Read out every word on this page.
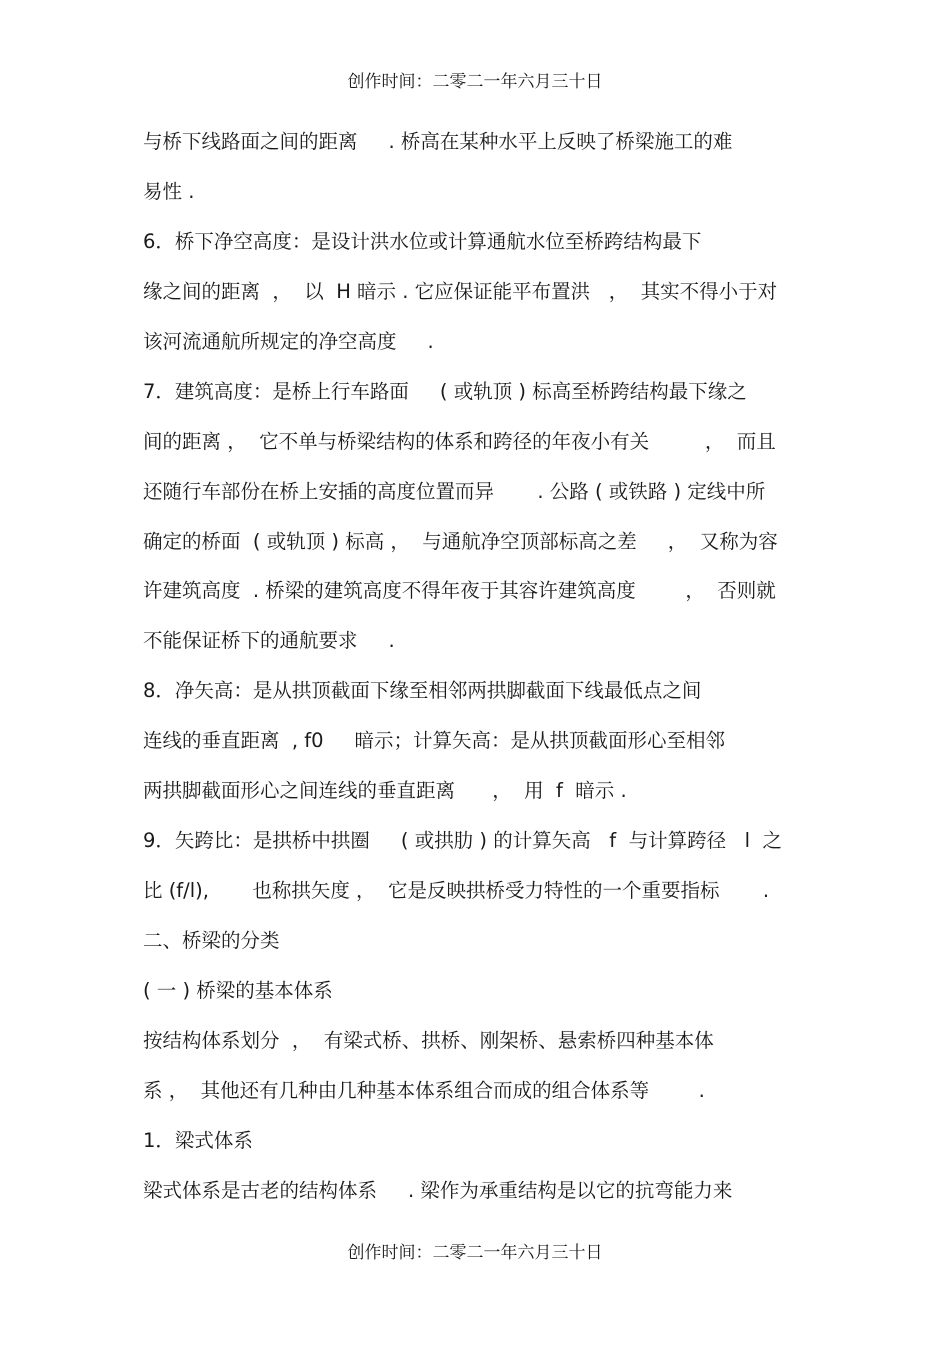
创作时间：二零二一年六月三十日
与桥下线路面之间的距离     . 桥高在某种水平上反映了桥梁施工的难
易性 .
6．桥下净空高度：是设计洪水位或计算通航水位至桥跨结构最下
缘之间的距离  ，  以  H 暗示 . 它应保证能平布置洪   ，  其实不得小于对
该河流通航所规定的净空高度     .
7．建筑高度：是桥上行车路面     ( 或轨顶 ) 标高至桥跨结构最下缘之
间的距离 ，  它不单与桥梁结构的体系和跨径的年夜小有关         ，  而且
还随行车部份在桥上安插的高度位置而异       . 公路 ( 或铁路 ) 定线中所
确定的桥面  ( 或轨顶 ) 标高 ，  与通航净空顶部标高之差     ，  又称为容
许建筑高度  . 桥梁的建筑高度不得年夜于其容许建筑高度        ，  否则就
不能保证桥下的通航要求     .
8．净矢高：是从拱顶截面下缘至相邻两拱脚截面下线最低点之间
连线的垂直距离  , f0     暗示；计算矢高：是从拱顶截面形心至相邻
两拱脚截面形心之间连线的垂直距离      ，  用  f  暗示 .
9．矢跨比：是拱桥中拱圈     ( 或拱肋 ) 的计算矢高   f  与计算跨径   l  之
比 (f/l),       也称拱矢度 ，  它是反映拱桥受力特性的一个重要指标       .
二、桥梁的分类
( 一 ) 桥梁的基本体系
按结构体系划分  ，  有梁式桥、拱桥、刚架桥、悬索桥四种基本体
系 ，  其他还有几种由几种基本体系组合而成的组合体系等        .
1．梁式体系
梁式体系是古老的结构体系     . 梁作为承重结构是以它的抗弯能力来
创作时间：二零二一年六月三十日
